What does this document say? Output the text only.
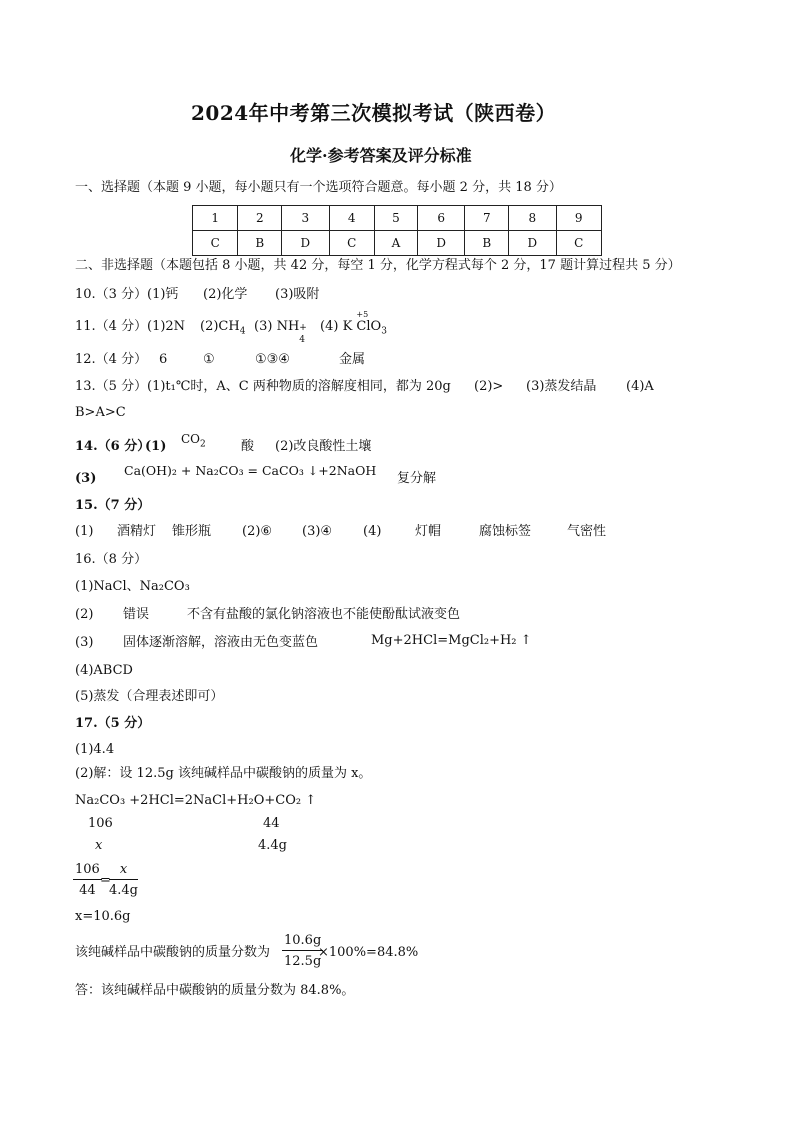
2024年中考第三次模拟考试（陕西卷）
化学·参考答案及评分标准
一、选择题（本题 9 小题，每小题只有一个选项符合题意。每小题 2 分，共 18 分）
1	2	3	4	5	6	7	8	9
C	B	D	C	A	D	B	D	C
二、非选择题（本题包括 8 小题，共 42 分，每空 1 分，化学方程式每个 2 分，17 题计算过程共 5 分）
10.（3 分） (1)钙 (2)化学 (3)吸附
11.（4 分） (1)2N $(2)CH_4$ (3) NH +
4
(4) K
+5
ClO$_3$
12.（4 分） 6	①	①③④	金属
13.（5 分） (1)t₁℃时，A、C 两种物质的溶解度相同，都为 20g (2)> (3)蒸发结晶 (4)A
B>A>C
14.（6 分）
(1) $CO_2$	酸 (2)改良酸性土壤
(3)
Ca(OH)₂ + Na₂CO₃ = CaCO₃ ↓+2NaOH
复分解
15.（7 分）
(1) 酒精灯 锥形瓶 (2)⑥ (3)④ (4)	灯帽	腐蚀标签	气密性
16.（8 分）
(1)NaCl、Na₂CO₃
(2) 错误	不含有盐酸的氯化钠溶液也不能使酚酞试液变色
(3) 固体逐渐溶解，溶液由无色变蓝色	Mg+2HCl=MgCl₂+H₂ ↑
(4)ABCD
(5)蒸发（合理表述即可）
17.（5 分）
(1)4.4
(2)解：设 12.5g 该纯碱样品中碳酸钠的质量为 x。
Na₂CO₃ +2HCl=2NaCl+H₂O+CO₂ ↑
106	44
x	4.4g
$\frac{106}{44}$
=
$\frac{x}{4.4g}$
x=10.6g
该纯碱样品中碳酸钠的质量分数为 $\frac{10.6g}{12.5g}$
×100%=84.8%
答：该纯碱样品中碳酸钠的质量分数为 84.8%。
